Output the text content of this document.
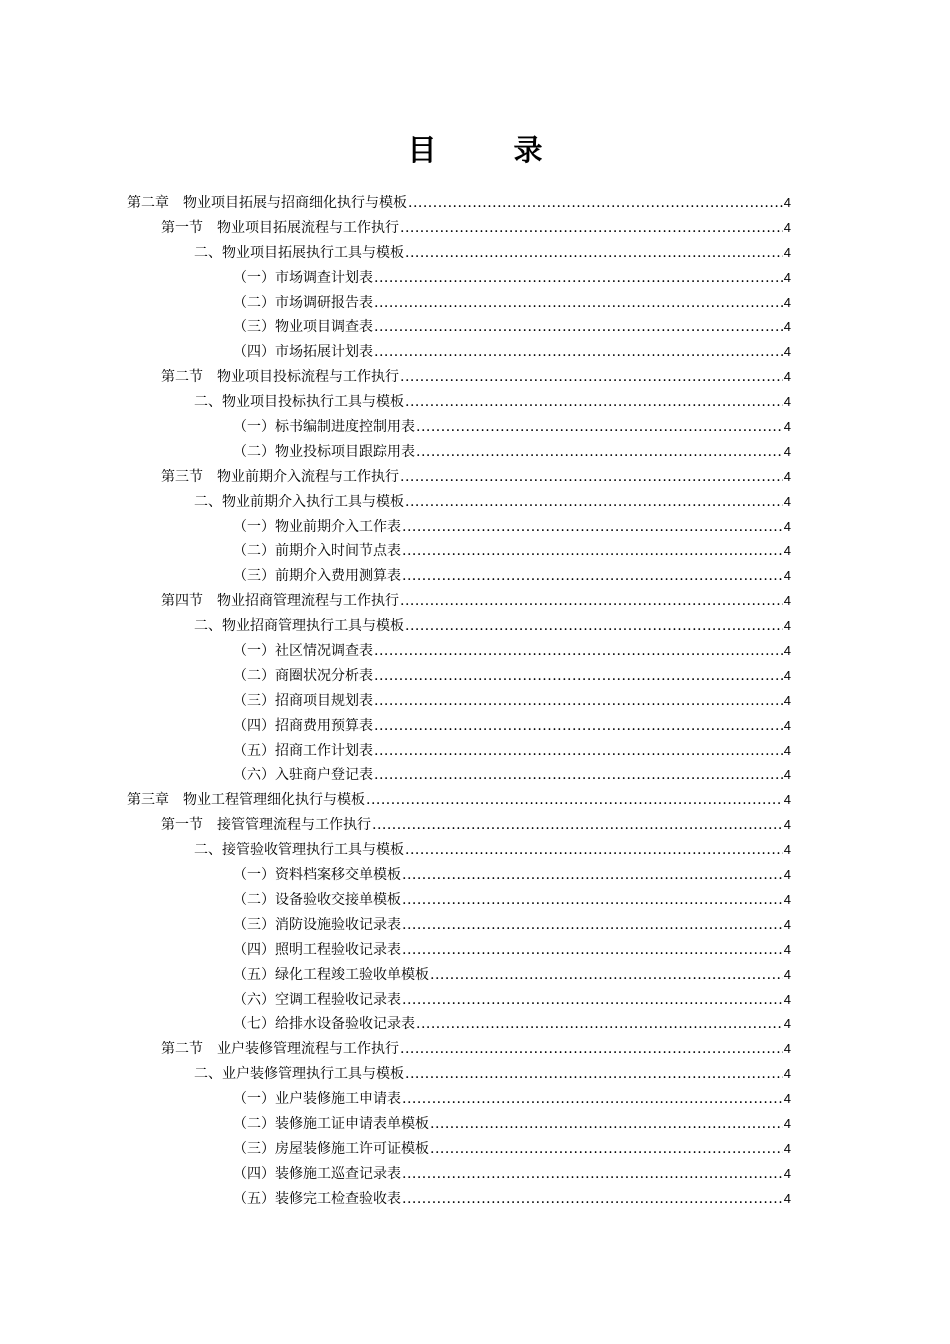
目　录
第二章　物业项目拓展与招商细化执行与模板 .....	4
第一节　物业项目拓展流程与工作执行 .....	4
二、物业项目拓展执行工具与模板 .....	4
（一）市场调查计划表 .....	4
（二）市场调研报告表 .....	4
（三）物业项目调查表 .....	4
（四）市场拓展计划表 .....	4
第二节　物业项目投标流程与工作执行 .....	4
二、物业项目投标执行工具与模板 .....	4
（一）标书编制进度控制用表 .....	4
（二）物业投标项目跟踪用表 .....	4
第三节　物业前期介入流程与工作执行 .....	4
二、物业前期介入执行工具与模板 .....	4
（一）物业前期介入工作表 .....	4
（二）前期介入时间节点表 .....	4
（三）前期介入费用测算表 .....	4
第四节　物业招商管理流程与工作执行 .....	4
二、物业招商管理执行工具与模板 .....	4
（一）社区情况调查表 .....	4
（二）商圈状况分析表 .....	4
（三）招商项目规划表 .....	4
（四）招商费用预算表 .....	4
（五）招商工作计划表 .....	4
（六）入驻商户登记表 .....	4
第三章　物业工程管理细化执行与模板 .....	4
第一节　接管管理流程与工作执行 .....	4
二、接管验收管理执行工具与模板 .....	4
（一）资料档案移交单模板 .....	4
（二）设备验收交接单模板 .....	4
（三）消防设施验收记录表 .....	4
（四）照明工程验收记录表 .....	4
（五）绿化工程竣工验收单模板 .....	4
（六）空调工程验收记录表 .....	4
（七）给排水设备验收记录表 .....	4
第二节　业户装修管理流程与工作执行 .....	4
二、业户装修管理执行工具与模板 .....	4
（一）业户装修施工申请表 .....	4
（二）装修施工证申请表单模板 .....	4
（三）房屋装修施工许可证模板 .....	4
（四）装修施工巡查记录表 .....	4
（五）装修完工检查验收表 .....	4
